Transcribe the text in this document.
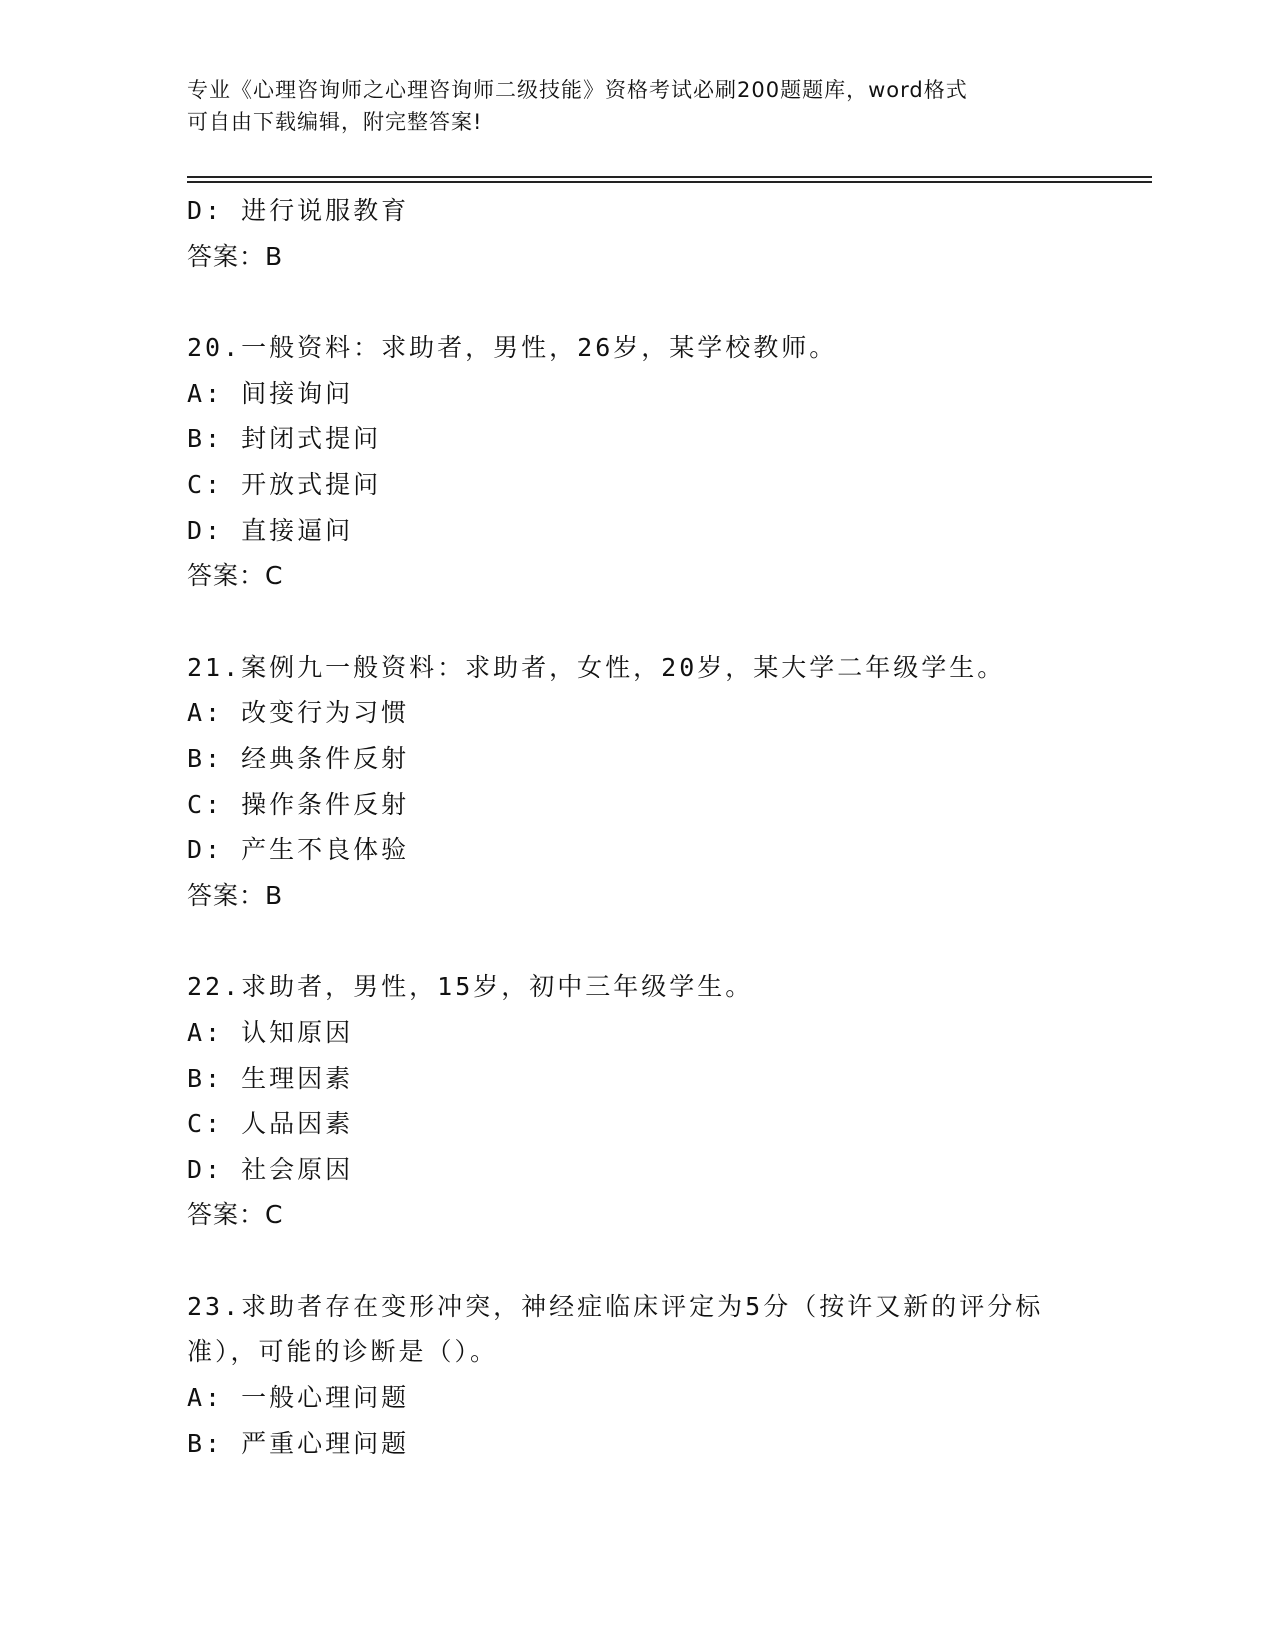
专业《心理咨询师之心理咨询师二级技能》资格考试必刷200题题库，word格式
可自由下载编辑，附完整答案!
D: 进行说服教育
答案：B
20.一般资料：求助者，男性，26岁，某学校教师。
A: 间接询问
B: 封闭式提问
C: 开放式提问
D: 直接逼问
答案：C
21.案例九一般资料：求助者，女性，20岁，某大学二年级学生。
A: 改变行为习惯
B: 经典条件反射
C: 操作条件反射
D: 产生不良体验
答案：B
22.求助者，男性，15岁，初中三年级学生。
A: 认知原因
B: 生理因素
C: 人品因素
D: 社会原因
答案：C
23.求助者存在变形冲突，神经症临床评定为5分（按许又新的评分标
准），可能的诊断是（）。
A: 一般心理问题
B: 严重心理问题
